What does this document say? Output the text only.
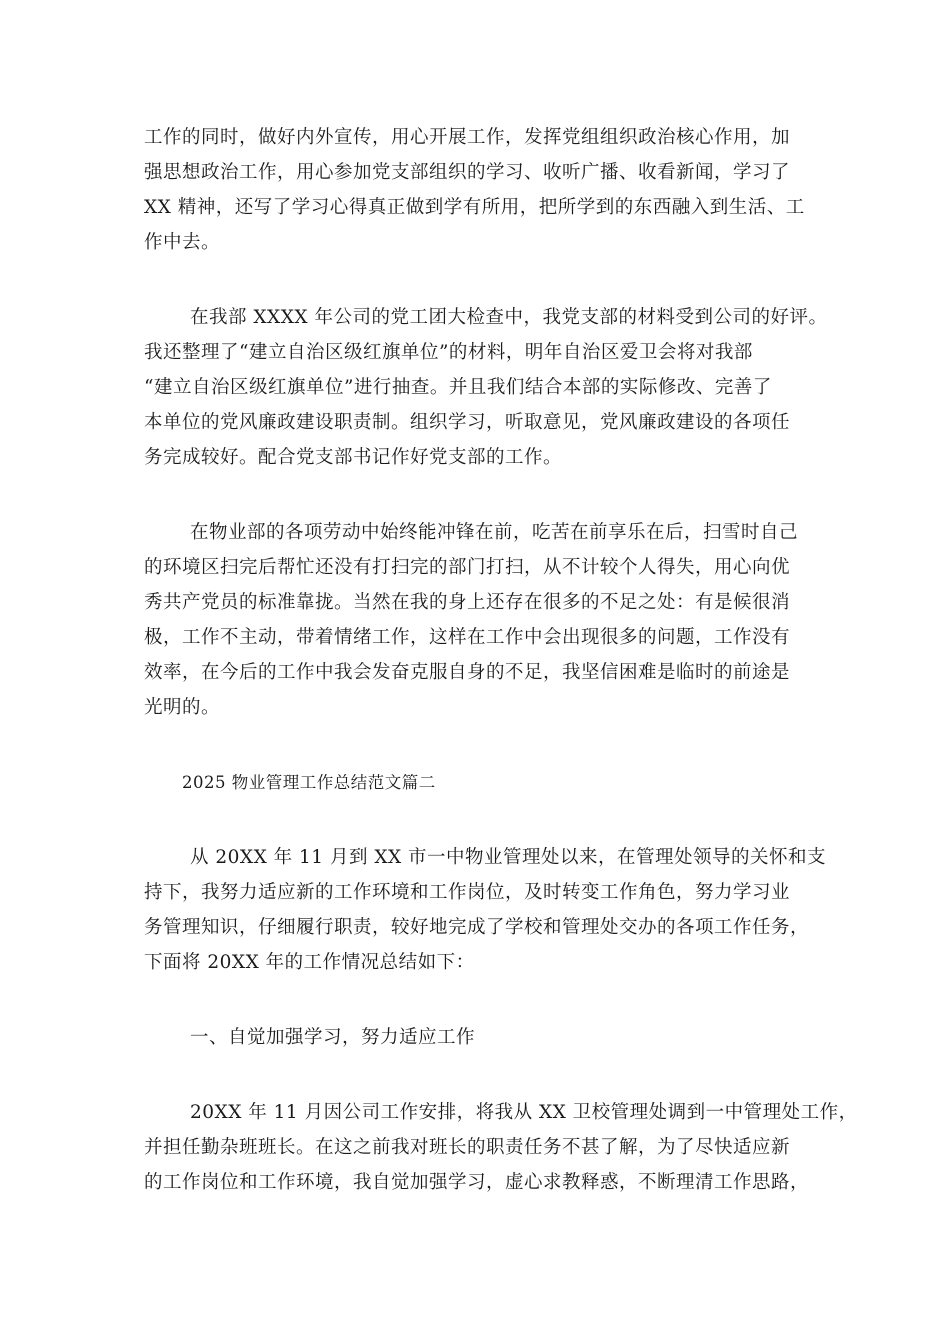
工作的同时，做好内外宣传，用心开展工作，发挥党组组织政治核心作用，加
强思想政治工作，用心参加党支部组织的学习、收听广播、收看新闻，学习了
XX 精神，还写了学习心得真正做到学有所用，把所学到的东西融入到生活、工
作中去。
在我部 XXXX 年公司的党工团大检查中，我党支部的材料受到公司的好评。
我还整理了“建立自治区级红旗单位”的材料，明年自治区爱卫会将对我部
“建立自治区级红旗单位”进行抽查。并且我们结合本部的实际修改、完善了
本单位的党风廉政建设职责制。组织学习，听取意见，党风廉政建设的各项任
务完成较好。配合党支部书记作好党支部的工作。
在物业部的各项劳动中始终能冲锋在前，吃苦在前享乐在后，扫雪时自己
的环境区扫完后帮忙还没有打扫完的部门打扫，从不计较个人得失，用心向优
秀共产党员的标准靠拢。当然在我的身上还存在很多的不足之处：有是候很消
极，工作不主动，带着情绪工作，这样在工作中会出现很多的问题，工作没有
效率，在今后的工作中我会发奋克服自身的不足，我坚信困难是临时的前途是
光明的。
2025 物业管理工作总结范文篇二
从 20XX 年 11 月到 XX 市一中物业管理处以来，在管理处领导的关怀和支
持下，我努力适应新的工作环境和工作岗位，及时转变工作角色，努力学习业
务管理知识，仔细履行职责，较好地完成了学校和管理处交办的各项工作任务，
下面将 20XX 年的工作情况总结如下：
一、自觉加强学习，努力适应工作
20XX 年 11 月因公司工作安排，将我从 XX 卫校管理处调到一中管理处工作，
并担任勤杂班班长。在这之前我对班长的职责任务不甚了解，为了尽快适应新
的工作岗位和工作环境，我自觉加强学习，虚心求教释惑，不断理清工作思路，
